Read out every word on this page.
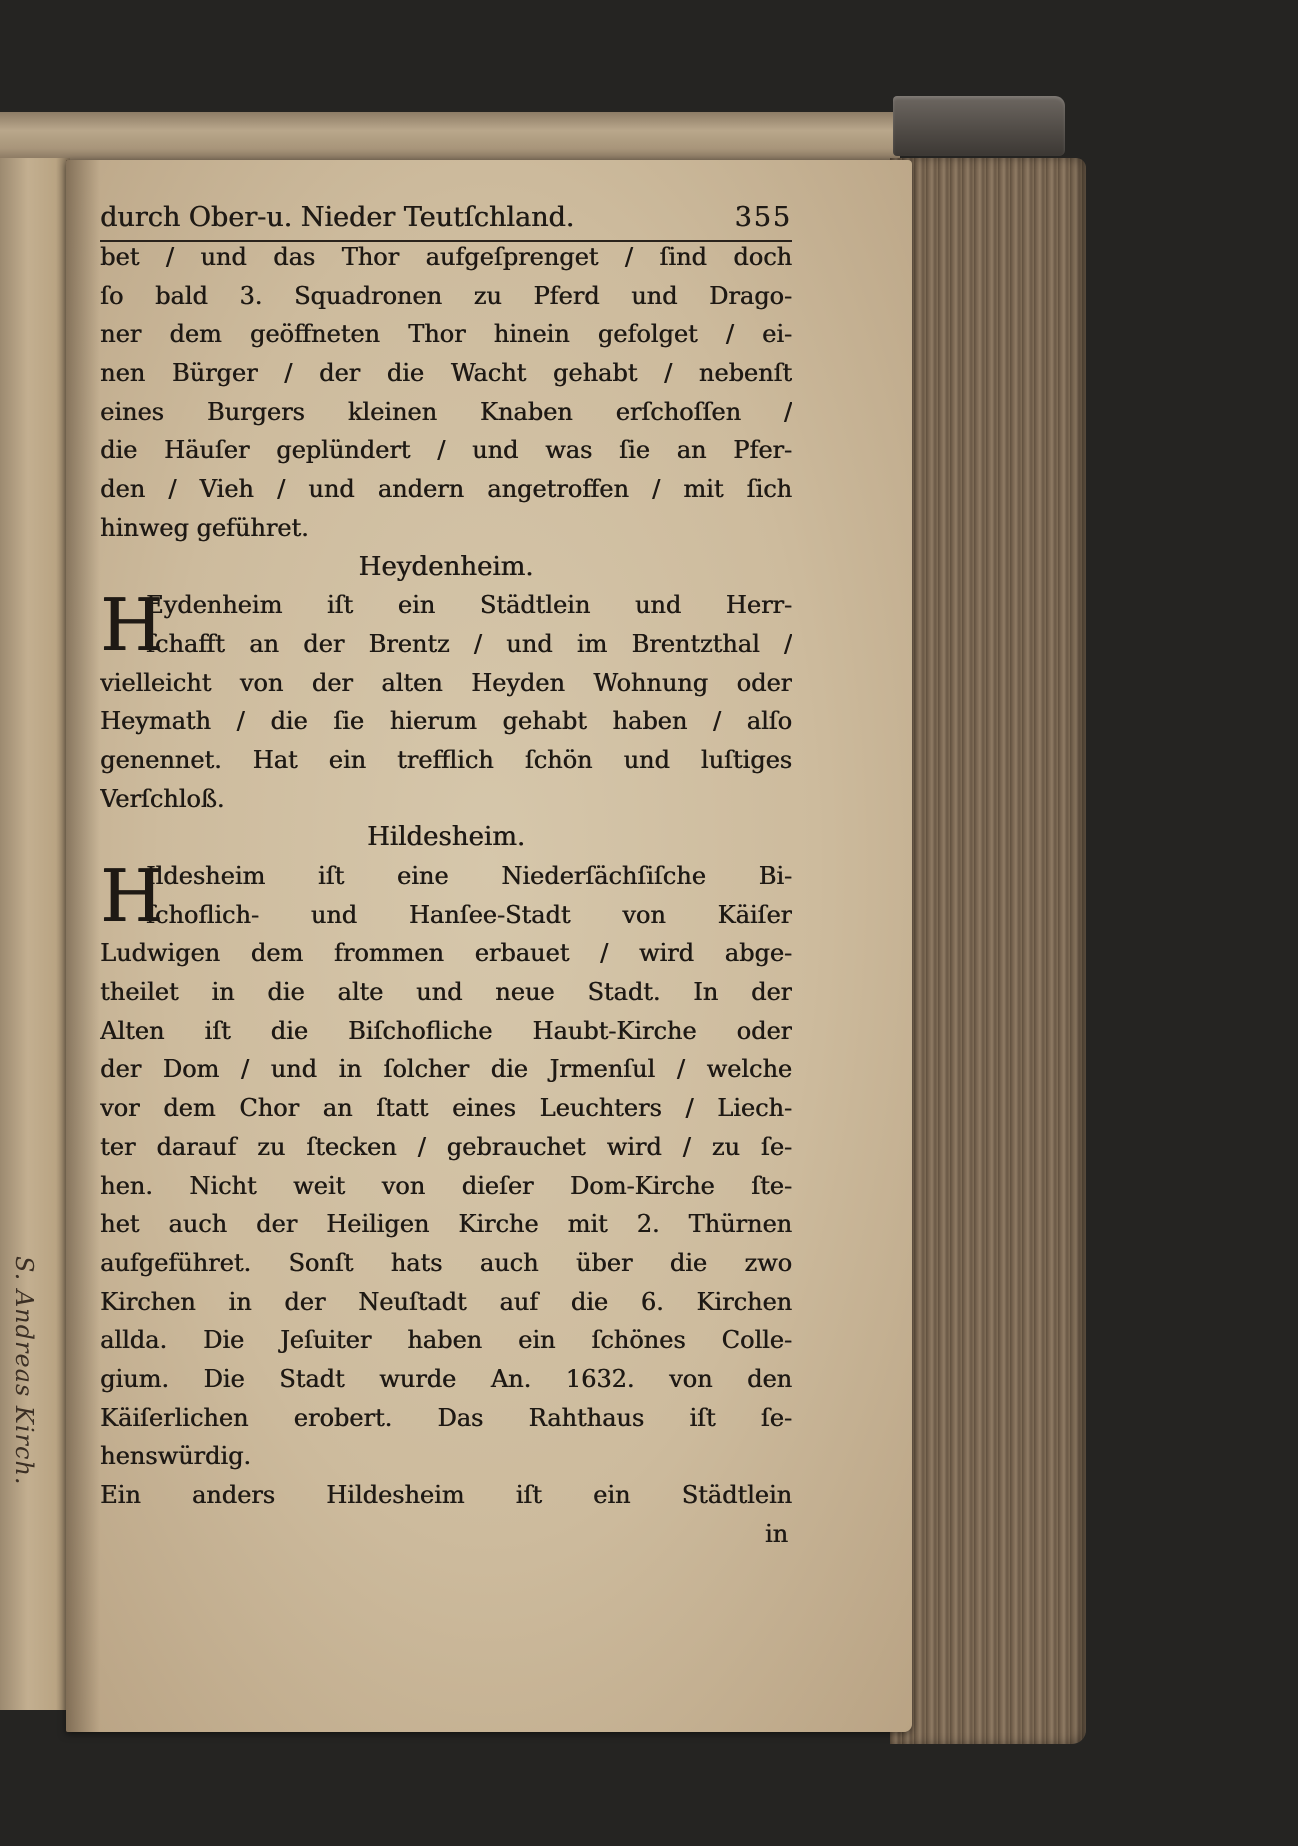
S. Andreas Kirch.
durch Ober-u. Nieder Teutſchland.	355
bet / und das Thor aufgeſprenget / ſind doch
ſo bald 3. Squadronen zu Pferd und Drago-
ner dem geöffneten Thor hinein gefolget / ei-
nen Bürger / der die Wacht gehabt / nebenſt
eines Burgers kleinen Knaben erſchoſſen /
die Häuſer geplündert / und was ſie an Pfer-
den / Vieh / und andern angetroffen / mit ſich
hinweg geführet.
Heydenheim.
H
Eydenheim iſt ein Städtlein und Herr-
ſchafft an der Brentz / und im Brentzthal /
vielleicht von der alten Heyden Wohnung oder
Heymath / die ſie hierum gehabt haben / alſo
genennet. Hat ein trefflich ſchön und luſtiges
Verſchloß.
Hildesheim.
H
Ildesheim iſt eine Niederſächſiſche Bi-
ſchoflich- und Hanſee-Stadt von Käiſer
Ludwigen dem frommen erbauet / wird abge-
theilet in die alte und neue Stadt. In der
Alten iſt die Biſchofliche Haubt-Kirche oder
der Dom / und in ſolcher die Jrmenſul / welche
vor dem Chor an ſtatt eines Leuchters / Liech-
ter darauf zu ſtecken / gebrauchet wird / zu ſe-
hen. Nicht weit von dieſer Dom-Kirche ſte-
het auch der Heiligen Kirche mit 2. Thürnen
aufgeführet. Sonſt hats auch über die zwo
Kirchen in der Neuſtadt auf die 6. Kirchen
allda. Die Jeſuiter haben ein ſchönes Colle-
gium. Die Stadt wurde An. 1632. von den
Käiſerlichen erobert. Das Rahthaus iſt ſe-
henswürdig.
Ein anders Hildesheim iſt ein Städtlein
in
